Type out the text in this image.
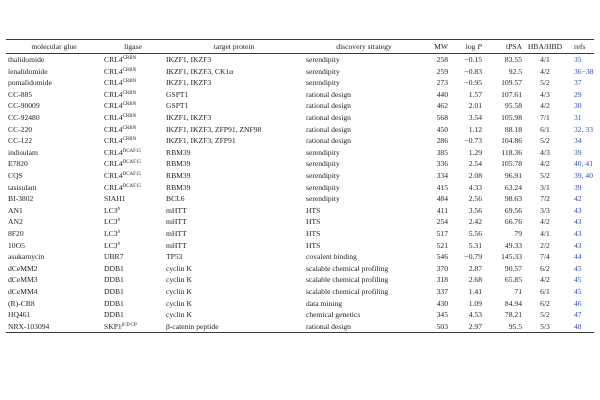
molecular glue	ligase	target protein	discovery strategy	MW	log P	tPSA	HBA/HBD	refs
thalidomide	$CRL4^{CRBN}$	IKZF1, IKZF3	serendipity	258	−0.15	83.55	4/1	35
lenalidomide	$CRL4^{CRBN}$	IKZF1, IKZF3, CK1α	serendipity	259	−0.83	92.5	4/2	36−38
pomalidomide	$CRL4^{CRBN}$	IKZF1, IKZF3	serendipity	273	−0.95	109.57	5/2	37
CC-885	$CRL4^{CRBN}$	GSPT1	rational design	440	1.57	107.61	4/3	29
CC-90009	$CRL4^{CRBN}$	GSPT1	rational design	462	2.01	95.58	4/2	30
CC-92480	$CRL4^{CRBN}$	IKZF1, IKZF3	rational design	568	3.54	105.98	7/1	31
CC-220	$CRL4^{CRBN}$	IKZF1, IKZF3, ZFP91, ZNF98	rational design	450	1.12	88.18	6/1	32, 33
CC-122	$CRL4^{CRBN}$	IKZF1, IKZF3, ZFP91	rational design	286	−0.73	104.86	5/2	34
indisulam	$CRL4^{DCAF15}$	RBM39	serendipity	385	1.29	118.36	4/3	39
E7820	$CRL4^{DCAF15}$	RBM39	serendipity	336	2.54	105.78	4/2	40, 41
CQS	$CRL4^{DCAF15}$	RBM39	serendipity	334	2.08	96.91	5/2	39, 40
tasisulam	$CRL4^{DCAF15}$	RBM39	serendipity	415	4.33	63.24	3/1	39
BI-3802	SIAH1	BCL6	serendipity	484	2.56	98.63	7/2	42
AN1	LC3$^b$	mHTT	HTS	411	3.56	69.56	3/3	43
AN2	LC3$^b$	mHTT	HTS	254	2.42	66.76	4/2	43
8F20	LC3$^b$	mHTT	HTS	517	5.56	79	4/1	43
10O5	LC3$^b$	mHTT	HTS	521	5.31	49.33	2/2	43
asukamycin	UBR7	TP53	covalent binding	546	−0.79	145.33	7/4	44
dCeMM2	DDB1	cyclin K	scalable chemical profiling	370	2.87	90.57	6/2	45
dCeMM3	DDB1	cyclin K	scalable chemical profiling	318	2.68	65.85	4/2	45
dCeMM4	DDB1	cyclin K	scalable chemical profiling	337	1.41	71	6/1	45
(R)-CR8	DDB1	cyclin K	data mining	430	1.09	84.94	6/2	46
HQ461	DDB1	cyclin K	chemical genetics	345	4.53	78.21	5/2	47
NRX-103094	$SKP1^{\beta-TrCP}$	β-catenin peptide	rational design	503	2.97	95.5	5/3	48
